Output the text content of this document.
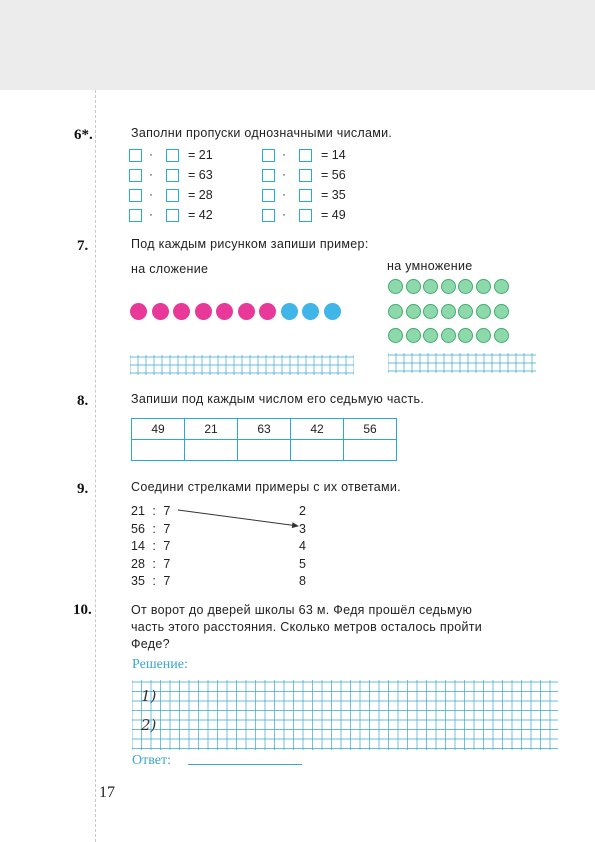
6*.	Заполни пропуски однозначными числами.
·	= 21
·	= 63
·	= 28
·	= 42
·	= 14
·	= 56
·	= 35
·	= 49
7.	Под каждым рисунком запиши пример:
на сложение	на умножение
8.	Запиши под каждым числом его седьмую часть.
49	21	63	42	56

9.	Соедини стрелками примеры с их ответами.
21 : 7	2
56 : 7	3
14 : 7	4
28 : 7	5
35 : 7	8
10.	От ворот до дверей школы 63 м. Федя прошёл седьмую
часть этого расстояния. Сколько метров осталось пройти
Феде?
Решение:
1)
2)
Ответ:
17
